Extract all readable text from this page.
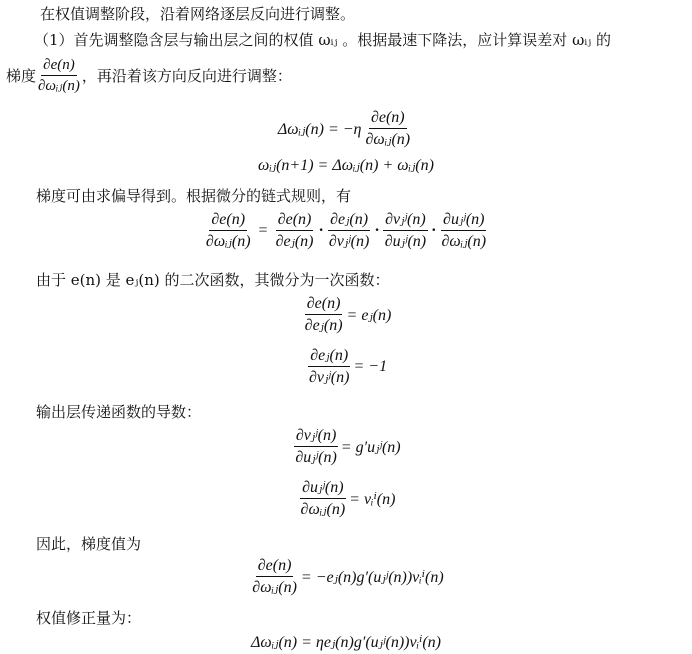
在权值调整阶段，沿着网络逐层反向进行调整。
（1）首先调整隐含层与输出层之间的权值 ωᵢⱼ 。根据最速下降法，应计算误差对 ωᵢⱼ 的
梯度 $\frac{\partial e(n)}{\text{∂ωᵢⱼ(n)}}$ ，再沿着该方向反向进行调整：
Δωᵢⱼ(n) = $-\eta \frac{\partial e(n)}{\text{∂ωᵢⱼ(n)}}$
ωᵢⱼ(n+1) = Δωᵢⱼ(n) + ωᵢⱼ(n)
梯度可由求偏导得到。根据微分的链式规则，有
$\frac{\partial e(n)}{\text{∂ωᵢⱼ(n)}} = \frac{\partial e(n)}{\text{∂eⱼ(n)}} \cdot \frac{\text{∂eⱼ(n)}}{\text{∂vⱼʲ(n)}} \cdot \frac{\text{∂vⱼʲ(n)}}{\text{∂uⱼʲ(n)}} \cdot \frac{\text{∂uⱼʲ(n)}}{\text{∂ωᵢⱼ(n)}}$
由于 e(n) 是 eⱼ(n) 的二次函数，其微分为一次函数：
$\frac{\partial e(n)}{\text{∂eⱼ(n)}}$ = eⱼ(n)
$\frac{\text{∂eⱼ(n)}}{\text{∂vⱼʲ(n)}} = -1$
输出层传递函数的导数：
$\frac{\text{∂vⱼʲ(n)}}{\text{∂uⱼʲ(n)}}$ = g′uⱼʲ(n)
$\frac{\text{∂uⱼʲ(n)}}{\text{∂ωᵢⱼ(n)}}$ = vᵢⁱ(n)
因此，梯度值为
$\frac{\partial e(n)}{\text{∂ωᵢⱼ(n)}}$ = −eⱼ(n)g′(uⱼʲ(n))vᵢⁱ(n)
权值修正量为：
Δωᵢⱼ(n) = ηeⱼ(n)g′(uⱼʲ(n))vᵢⁱ(n)
